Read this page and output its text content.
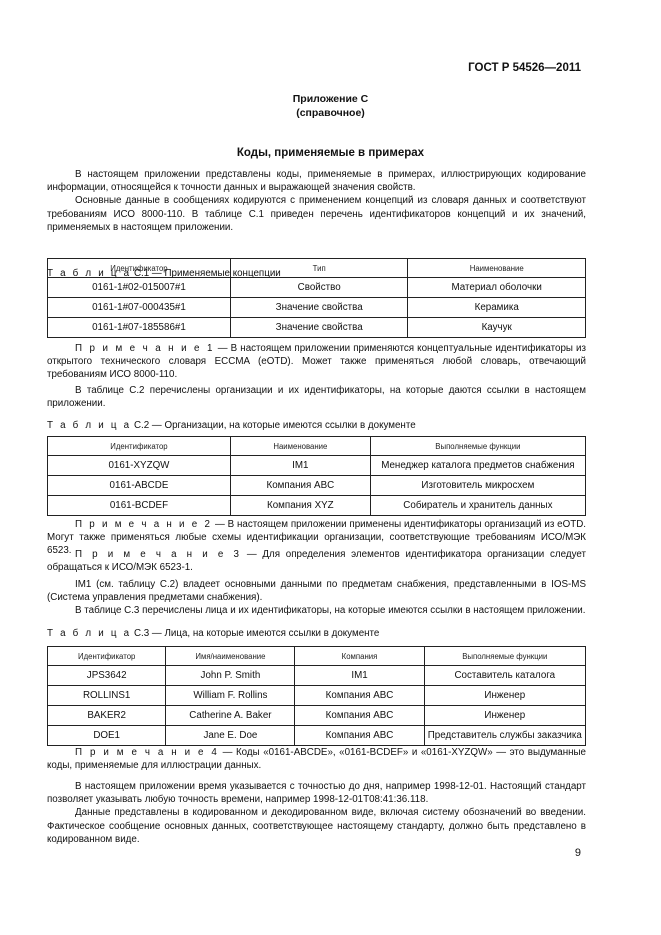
ГОСТ Р 54526—2011
Приложение С
(справочное)
Коды, применяемые в примерах

В настоящем приложении представлены коды, применяемые в примерах, иллюстрирующих кодирование информации, относящейся к точности данных и выражающей значения свойств.

Основные данные в сообщениях кодируются с применением концепций из словаря данных и соответствуют требованиям ИСО 8000-110. В таблице С.1 приведен перечень идентификаторов концепций и их значений, применяемых в настоящем приложении.

Т а б л и ц а С.1 — Применяемые концепции

П р и м е ч а н и е 1 — В настоящем приложении применяются концептуальные идентификаторы из открытого технического словаря ECCMA (eOTD). Может также применяться любой словарь, отвечающий требованиям ИСО 8000-110.

В таблице С.2 перечислены организации и их идентификаторы, на которые даются ссылки в настоящем приложении.

Т а б л и ц а С.2 — Организации, на которые имеются ссылки в документе

П р и м е ч а н и е 2 — В настоящем приложении применены идентификаторы организаций из eOTD. Могут также применяться любые схемы идентификации организации, соответствующие требованиям ИСО/МЭК 6523. П р и м е ч а н и е 3 — Для определения элементов идентификатора организации следует обращаться к ИСО/МЭК 6523-1.

IM1 (см. таблицу С.2) владеет основными данными по предметам снабжения, представленными в IOS-MS (Система управления предметами снабжения).

В таблице С.3 перечислены лица и их идентификаторы, на которые имеются ссылки в настоящем приложении.

Т а б л и ц а С.3 — Лица, на которые имеются ссылки в документе

П р и м е ч а н и е 4 — Коды «0161-ABCDE», «0161-BCDEF» и «0161-XYZQW» — это выдуманные коды, применяемые для иллюстрации данных.

В настоящем приложении время указывается с точностью до дня, например 1998-12-01. Настоящий стандарт позволяет указывать любую точность времени, например 1998-12-01T08:41:36.118.

Данные представлены в кодированном и декодированном виде, включая систему обозначений во введении. Фактическое сообщение основных данных, соответствующее настоящему стандарту, должно быть представлено в кодированном виде.

9
Идентификатор	Тип	Наименование
0161-1#02-015007#1	Свойство	Материал оболочки
0161-1#07-000435#1	Значение свойства	Керамика
0161-1#07-185586#1	Значение свойства	Каучук
Идентификатор	Наименование	Выполняемые функции
0161-XYZQW	IM1	Менеджер каталога предметов снабжения
0161-ABCDE	Компания ABC	Изготовитель микросхем
0161-BCDEF	Компания XYZ	Собиратель и хранитель данных
Идентификатор	Имя/наименование	Компания	Выполняемые функции
JPS3642	John P. Smith	IM1	Составитель каталога
ROLLINS1	William F. Rollins	Компания ABC	Инженер
BAKER2	Catherine A. Baker	Компания ABC	Инженер
DOE1	Jane E. Doe	Компания ABC	Представитель службы заказчика
